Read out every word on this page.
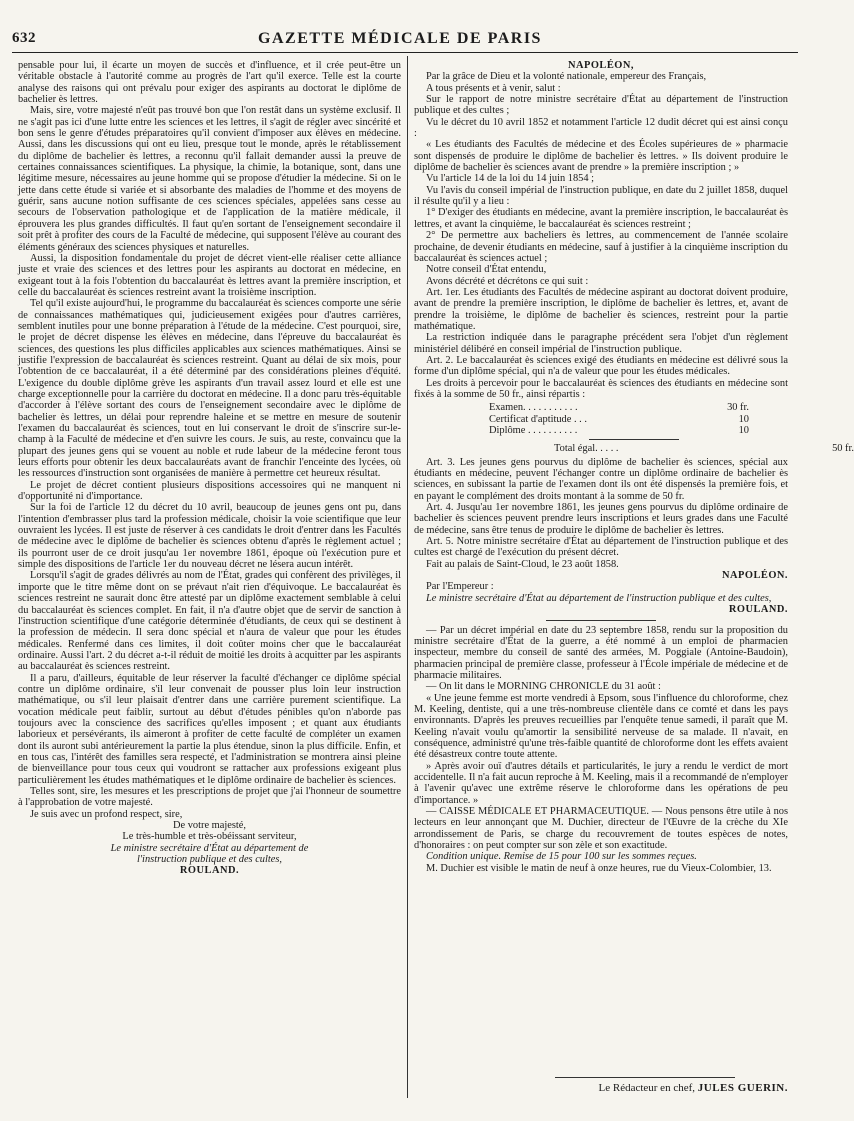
632	GAZETTE MÉDICALE DE PARIS

pensable pour lui, il écarte un moyen de succès et d'influence, et il crée peut-être un véritable obstacle à l'autorité comme au progrès de l'art qu'il exerce. Telle est la courte analyse des raisons qui ont prévalu pour exiger des aspirants au doctorat le diplôme de bachelier ès lettres.

Mais, sire, votre majesté n'eût pas trouvé bon que l'on restât dans un système exclusif. Il ne s'agit pas ici d'une lutte entre les sciences et les lettres, il s'agit de régler avec sincérité et bon sens le genre d'études préparatoires qu'il convient d'imposer aux élèves en médecine. Aussi, dans les discussions qui ont eu lieu, presque tout le monde, après le rétablissement du diplôme de bachelier ès lettres, a reconnu qu'il fallait demander aussi la preuve de certaines connaissances scientifiques. La physique, la chimie, la botanique, sont, dans une légitime mesure, nécessaires au jeune homme qui se propose d'étudier la médecine. Si on le jette dans cette étude si variée et si absorbante des maladies de l'homme et des moyens de guérir, sans aucune notion suffisante de ces sciences spéciales, appelées sans cesse au secours de l'observation pathologique et de l'application de la matière médicale, il éprouvera les plus grandes difficultés. Il faut qu'en sortant de l'enseignement secondaire il soit prêt à profiter des cours de la Faculté de médecine, qui supposent l'élève au courant des éléments généraux des sciences physiques et naturelles.

Aussi, la disposition fondamentale du projet de décret vient-elle réaliser cette alliance juste et vraie des sciences et des lettres pour les aspirants au doctorat en médecine, en exigeant tout à la fois l'obtention du baccalauréat ès lettres avant la première inscription, et celle du baccalauréat ès sciences restreint avant la troisième inscription.

Tel qu'il existe aujourd'hui, le programme du baccalauréat ès sciences comporte une série de connaissances mathématiques qui, judicieusement exigées pour d'autres carrières, semblent inutiles pour une bonne préparation à l'étude de la médecine. C'est pourquoi, sire, le projet de décret dispense les élèves en médecine, dans l'épreuve du baccalauréat ès sciences, des questions les plus difficiles applicables aux sciences mathématiques. Ainsi se justifie l'expression de baccalauréat ès sciences restreint. Quant au délai de six mois, pour l'obtention de ce baccalauréat, il a été déterminé par des considérations pleines d'équité. L'exigence du double diplôme grève les aspirants d'un travail assez lourd et elle est une charge exceptionnelle pour la carrière du doctorat en médecine. Il a donc paru très-équitable d'accorder à l'élève sortant des cours de l'enseignement secondaire avec le diplôme de bachelier ès lettres, un délai pour reprendre haleine et se mettre en mesure de soutenir l'examen du baccalauréat ès sciences, tout en lui conservant le droit de s'inscrire sur-le-champ à la Faculté de médecine et d'en suivre les cours. Je suis, au reste, convaincu que la plupart des jeunes gens qui se vouent au noble et rude labeur de la médecine feront tous leurs efforts pour obtenir les deux baccalauréats avant de franchir l'enceinte des lycées, où les ressources d'instruction sont organisées de manière à permettre cet heureux résultat.

Le projet de décret contient plusieurs dispositions accessoires qui ne manquent ni d'opportunité ni d'importance.

Sur la foi de l'article 12 du décret du 10 avril, beaucoup de jeunes gens ont pu, dans l'intention d'embrasser plus tard la profession médicale, choisir la voie scientifique que leur ouvraient les lycées. Il est juste de réserver à ces candidats le droit d'entrer dans les Facultés de médecine avec le diplôme de bachelier ès sciences obtenu d'après le règlement actuel ; ils pourront user de ce droit jusqu'au 1er novembre 1861, époque où l'exécution pure et simple des dispositions de l'article 1er du nouveau décret ne lésera aucun intérêt.

Lorsqu'il s'agit de grades délivrés au nom de l'État, grades qui confèrent des privilèges, il importe que le titre même dont on se prévaut n'ait rien d'équivoque. Le baccalauréat ès sciences restreint ne saurait donc être attesté par un diplôme exactement semblable à celui du baccalauréat ès sciences complet. En fait, il n'a d'autre objet que de servir de sanction à l'instruction scientifique d'une catégorie déterminée d'étudiants, de ceux qui se destinent à la profession de médecin. Il sera donc spécial et n'aura de valeur que pour les études médicales. Renfermé dans ces limites, il doit coûter moins cher que le baccalauréat ordinaire. Aussi l'art. 2 du décret a-t-il réduit de moitié les droits à acquitter par les aspirants au baccalauréat ès sciences restreint.

Il a paru, d'ailleurs, équitable de leur réserver la faculté d'échanger ce diplôme spécial contre un diplôme ordinaire, s'il leur convenait de pousser plus loin leur instruction mathématique, ou s'il leur plaisait d'entrer dans une carrière purement scientifique. La vocation médicale peut faiblir, surtout au début d'études pénibles qu'on n'aborde pas toujours avec la conscience des sacrifices qu'elles imposent ; et quant aux étudiants laborieux et persévérants, ils aimeront à profiter de cette faculté de compléter un examen dont ils auront subi antérieurement la partie la plus étendue, sinon la plus difficile. Enfin, et en tous cas, l'intérêt des familles sera respecté, et l'administration se montrera ainsi pleine de bienveillance pour tous ceux qui voudront se rattacher aux professions exigeant plus particulièrement les études mathématiques et le diplôme ordinaire de bachelier ès sciences.

Telles sont, sire, les mesures et les prescriptions de projet que j'ai l'honneur de soumettre à l'approbation de votre majesté.

Je suis avec un profond respect, sire,

De votre majesté,

Le très-humble et très-obéissant serviteur,

Le ministre secrétaire d'État au département de

l'instruction publique et des cultes,

ROULAND.

NAPOLÉON,

Par la grâce de Dieu et la volonté nationale, empereur des Français,

A tous présents et à venir, salut :

Sur le rapport de notre ministre secrétaire d'État au département de l'instruction publique et des cultes ;

Vu le décret du 10 avril 1852 et notamment l'article 12 dudit décret qui est ainsi conçu :

« Les étudiants des Facultés de médecine et des Écoles supérieures de » pharmacie sont dispensés de produire le diplôme de bachelier ès lettres. » Ils doivent produire le diplôme de bachelier ès sciences avant de prendre » la première inscription ; »

Vu l'article 14 de la loi du 14 juin 1854 ;

Vu l'avis du conseil impérial de l'instruction publique, en date du 2 juillet 1858, duquel il résulte qu'il y a lieu :

1° D'exiger des étudiants en médecine, avant la première inscription, le baccalauréat ès lettres, et avant la cinquième, le baccalauréat ès sciences restreint ;

2° De permettre aux bacheliers ès lettres, au commencement de l'année scolaire prochaine, de devenir étudiants en médecine, sauf à justifier à la cinquième inscription du baccalauréat ès sciences actuel ;

Notre conseil d'État entendu,

Avons décrété et décrétons ce qui suit :

Art. 1er. Les étudiants des Facultés de médecine aspirant au doctorat doivent produire, avant de prendre la première inscription, le diplôme de bachelier ès lettres, et, avant de prendre la troisième, le diplôme de bachelier ès sciences, restreint pour la partie mathématique.

La restriction indiquée dans le paragraphe précédent sera l'objet d'un règlement ministériel délibéré en conseil impérial de l'instruction publique.

Art. 2. Le baccalauréat ès sciences exigé des étudiants en médecine est délivré sous la forme d'un diplôme spécial, qui n'a de valeur que pour les études médicales.

Les droits à percevoir pour le baccalauréat ès sciences des étudiants en médecine sont fixés à la somme de 50 fr., ainsi répartis :

Examen. . . . . . . . . . .	30 fr.
Certificat d'aptitude . . .	10
Diplôme . . . . . . . . . .	10
Total égal. . . . .	50 fr.

Art. 3. Les jeunes gens pourvus du diplôme de bachelier ès sciences, spécial aux étudiants en médecine, peuvent l'échanger contre un diplôme ordinaire de bachelier ès sciences, en subissant la partie de l'examen dont ils ont été dispensés la première fois, et en payant le complément des droits montant à la somme de 50 fr.

Art. 4. Jusqu'au 1er novembre 1861, les jeunes gens pourvus du diplôme ordinaire de bachelier ès sciences peuvent prendre leurs inscriptions et leurs grades dans une Faculté de médecine, sans être tenus de produire le diplôme de bachelier ès lettres.

Art. 5. Notre ministre secrétaire d'État au département de l'instruction publique et des cultes est chargé de l'exécution du présent décret.

Fait au palais de Saint-Cloud, le 23 août 1858.

NAPOLÉON.

Par l'Empereur :

Le ministre secrétaire d'État au département de l'instruction publique et des cultes,

ROULAND.

— Par un décret impérial en date du 23 septembre 1858, rendu sur la proposition du ministre secrétaire d'État de la guerre, a été nommé à un emploi de pharmacien inspecteur, membre du conseil de santé des armées, M. Poggiale (Antoine-Baudoin), pharmacien principal de première classe, professeur à l'École impériale de médecine et de pharmacie militaires.

— On lit dans le MORNING CHRONICLE du 31 août :

« Une jeune femme est morte vendredi à Epsom, sous l'influence du chloroforme, chez M. Keeling, dentiste, qui a une très-nombreuse clientèle dans ce comté et dans les pays environnants. D'après les preuves recueillies par l'enquête tenue samedi, il paraît que M. Keeling n'avait voulu qu'amortir la sensibilité nerveuse de sa malade. Il n'avait, en conséquence, administré qu'une très-faible quantité de chloroforme dont les effets avaient été désastreux contre toute attente.

» Après avoir ouï d'autres détails et particularités, le jury a rendu le verdict de mort accidentelle. Il n'a fait aucun reproche à M. Keeling, mais il a recommandé de n'employer à l'avenir qu'avec une extrême réserve le chloroforme dans les opérations de peu d'importance. »

— CAISSE MÉDICALE ET PHARMACEUTIQUE. — Nous pensons être utile à nos lecteurs en leur annonçant que M. Duchier, directeur de l'Œuvre de la crèche du XIe arrondissement de Paris, se charge du recouvrement de toutes espèces de notes, d'honoraires : on peut compter sur son zèle et son exactitude.

Condition unique. Remise de 15 pour 100 sur les sommes reçues.

M. Duchier est visible le matin de neuf à onze heures, rue du Vieux-Colombier, 13.

Le Rédacteur en chef, JULES GUERIN.
